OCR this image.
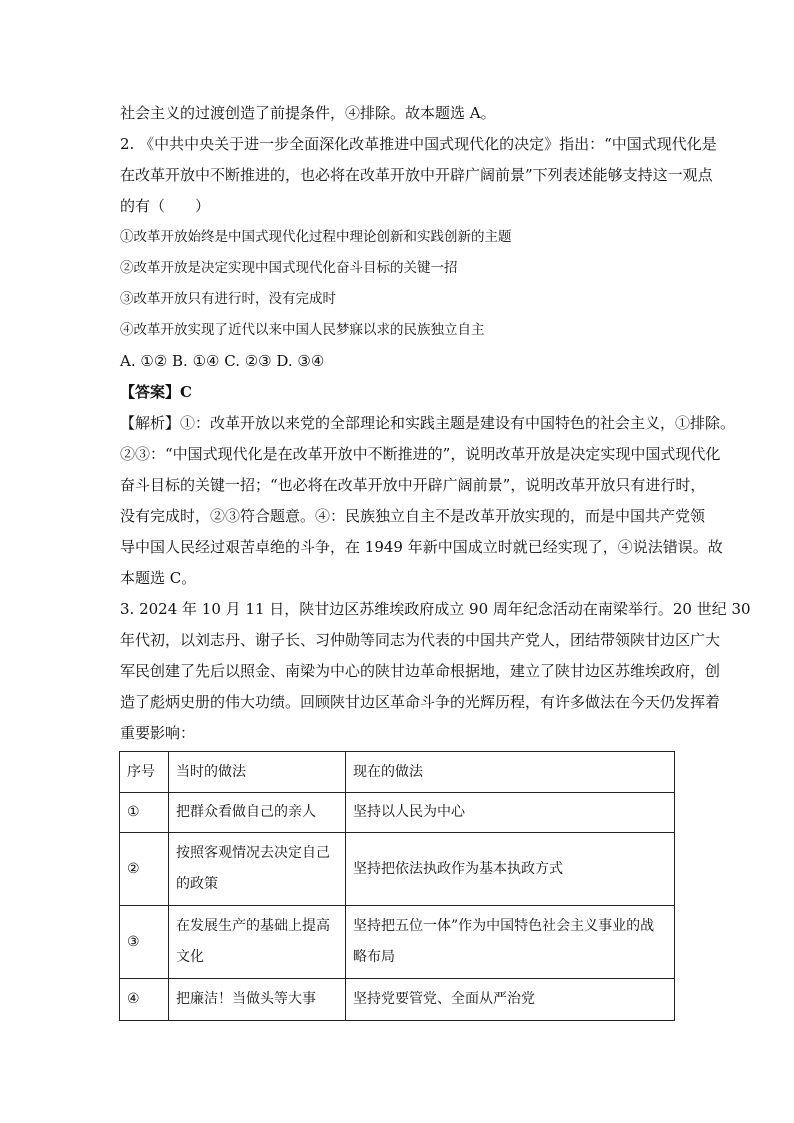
社会主义的过渡创造了前提条件，④排除。故本题选 A。
2. 《中共中央关于进一步全面深化改革推进中国式现代化的决定》指出：“中国式现代化是
在改革开放中不断推进的，也必将在改革开放中开辟广阔前景”下列表述能够支持这一观点
的有（　　）
①改革开放始终是中国式现代化过程中理论创新和实践创新的主题
②改革开放是决定实现中国式现代化奋斗目标的关键一招
③改革开放只有进行时，没有完成时
④改革开放实现了近代以来中国人民梦寐以求的民族独立自主
A. ①② B. ①④ C. ②③ D. ③④
【答案】C
【解析】①：改革开放以来党的全部理论和实践主题是建设有中国特色的社会主义，①排除。
②③：“中国式现代化是在改革开放中不断推进的”，说明改革开放是决定实现中国式现代化
奋斗目标的关键一招；“也必将在改革开放中开辟广阔前景”，说明改革开放只有进行时，
没有完成时，②③符合题意。④：民族独立自主不是改革开放实现的，而是中国共产党领
导中国人民经过艰苦卓绝的斗争，在 1949 年新中国成立时就已经实现了，④说法错误。故
本题选 C。
3. 2024 年 10 月 11 日，陕甘边区苏维埃政府成立 90 周年纪念活动在南梁举行。20 世纪 30
年代初，以刘志丹、谢子长、习仲勋等同志为代表的中国共产党人，团结带领陕甘边区广大
军民创建了先后以照金、南梁为中心的陕甘边革命根据地，建立了陕甘边区苏维埃政府，创
造了彪炳史册的伟大功绩。回顾陕甘边区革命斗争的光辉历程，有许多做法在今天仍发挥着
重要影响：
序号	当时的做法	现在的做法
①	把群众看做自己的亲人	坚持以人民为中心
②	按照客观情况去决定自己的政策	坚持把依法执政作为基本执政方式
③	在发展生产的基础上提高文化	坚持把五位一体”作为中国特色社会主义事业的战略布局
④	把廉洁！当做头等大事	坚持党要管党、全面从严治党
